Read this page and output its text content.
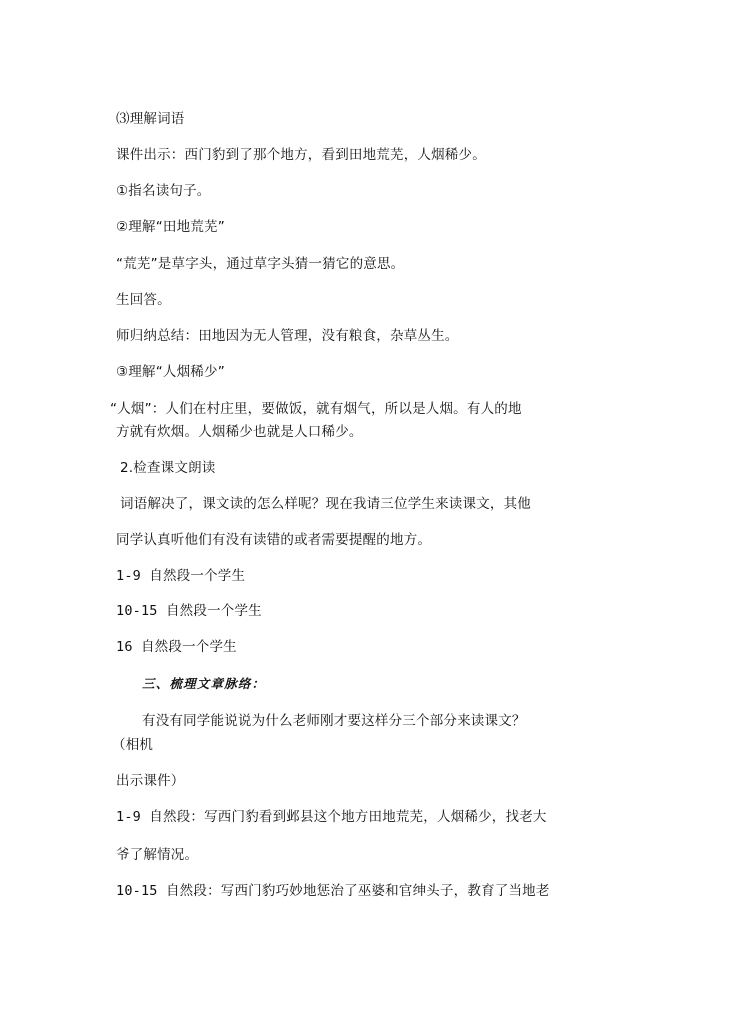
⑶理解词语
课件出示：西门豹到了那个地方，看到田地荒芜，人烟稀少。
①指名读句子。
②理解“田地荒芜”
“荒芜”是草字头，通过草字头猜一猜它的意思。
生回答。
师归纳总结：田地因为无人管理，没有粮食，杂草丛生。
③理解“人烟稀少”
“人烟”：人们在村庄里，要做饭，就有烟气，所以是人烟。有人的地
方就有炊烟。人烟稀少也就是人口稀少。
2.检查课文朗读
词语解决了，课文读的怎么样呢？现在我请三位学生来读课文，其他
同学认真听他们有没有读错的或者需要提醒的地方。
1-9 自然段一个学生
10-15 自然段一个学生
16 自然段一个学生
三、梳理文章脉络：
有没有同学能说说为什么老师刚才要这样分三个部分来读课文？
（相机
出示课件）
1-9 自然段：写西门豹看到邺县这个地方田地荒芜，人烟稀少，找老大
爷了解情况。
10-15 自然段：写西门豹巧妙地惩治了巫婆和官绅头子，教育了当地老
